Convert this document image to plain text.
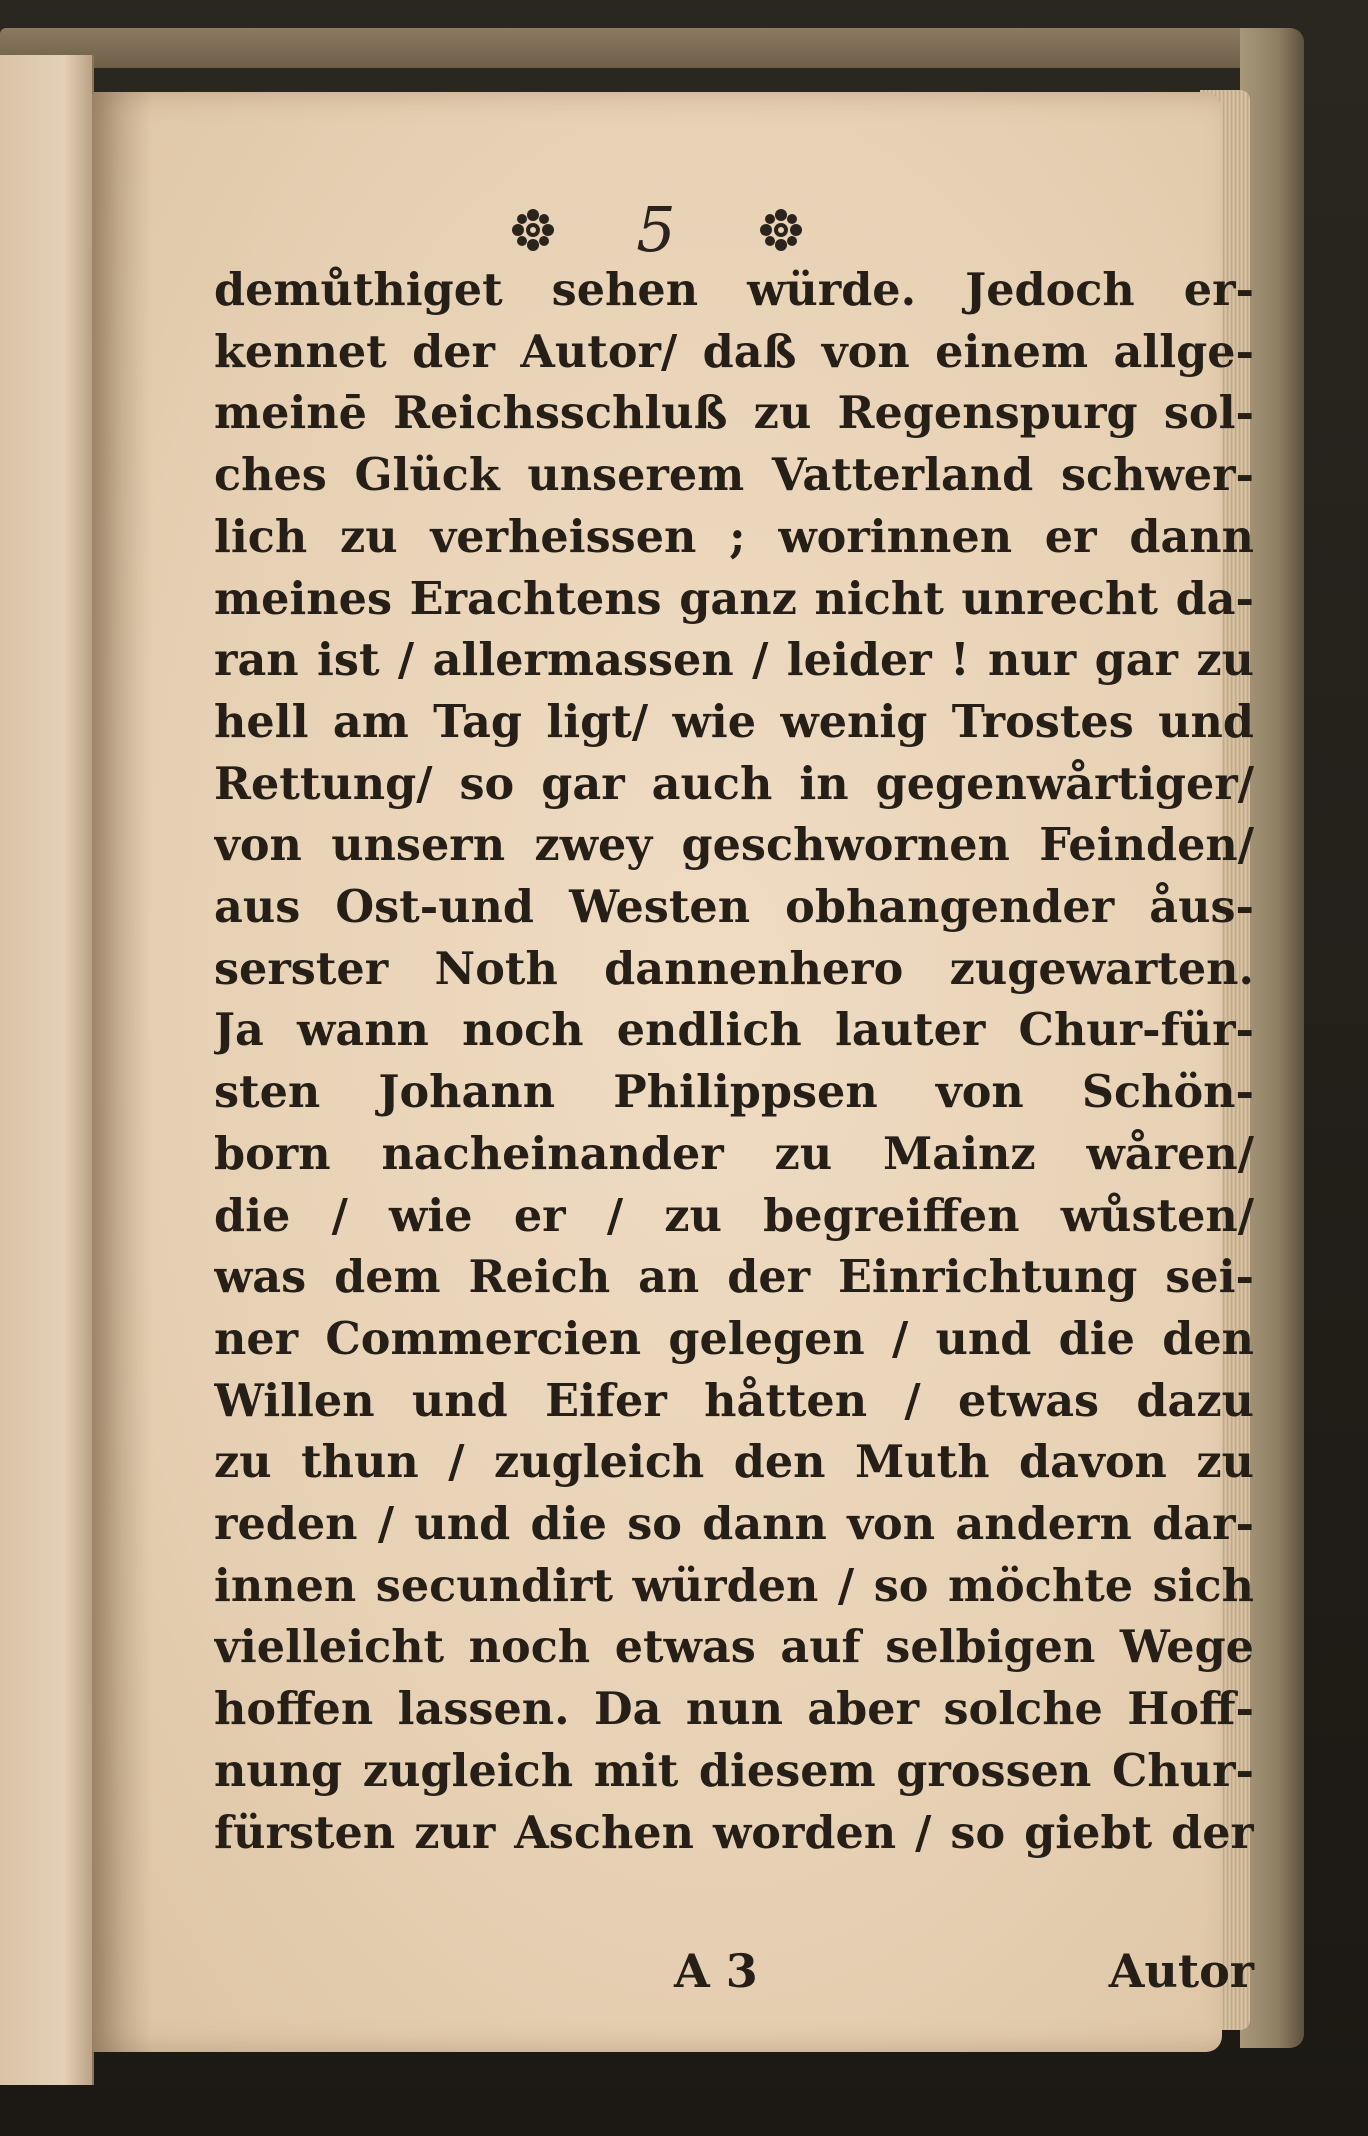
5
demůthiget sehen würde. Jedoch er-
kennet der Autor/ daß von einem allge-
meinē Reichsschluß zu Regenspurg sol-
ches Glück unserem Vatterland schwer-
lich zu verheissen ; worinnen er dann
meines Erachtens ganz nicht unrecht da-
ran ist / allermassen / leider ! nur gar zu
hell am Tag ligt/ wie wenig Trostes und
Rettung/ so gar auch in gegenwårtiger/
von unsern zwey geschwornen Feinden/
aus Ost-und Westen obhangender åus-
serster Noth dannenhero zugewarten.
Ja wann noch endlich lauter Chur-für-
sten Johann Philippsen von Schön-
born nacheinander zu Mainz wåren/
die / wie er / zu begreiffen wůsten/
was dem Reich an der Einrichtung sei-
ner Commercien gelegen / und die den
Willen und Eifer håtten / etwas dazu
zu thun / zugleich den Muth davon zu
reden / und die so dann von andern dar-
innen secundirt würden / so möchte sich
vielleicht noch etwas auf selbigen Wege
hoffen lassen. Da nun aber solche Hoff-
nung zugleich mit diesem grossen Chur-
fürsten zur Aschen worden / so giebt der
A 3	Autor
